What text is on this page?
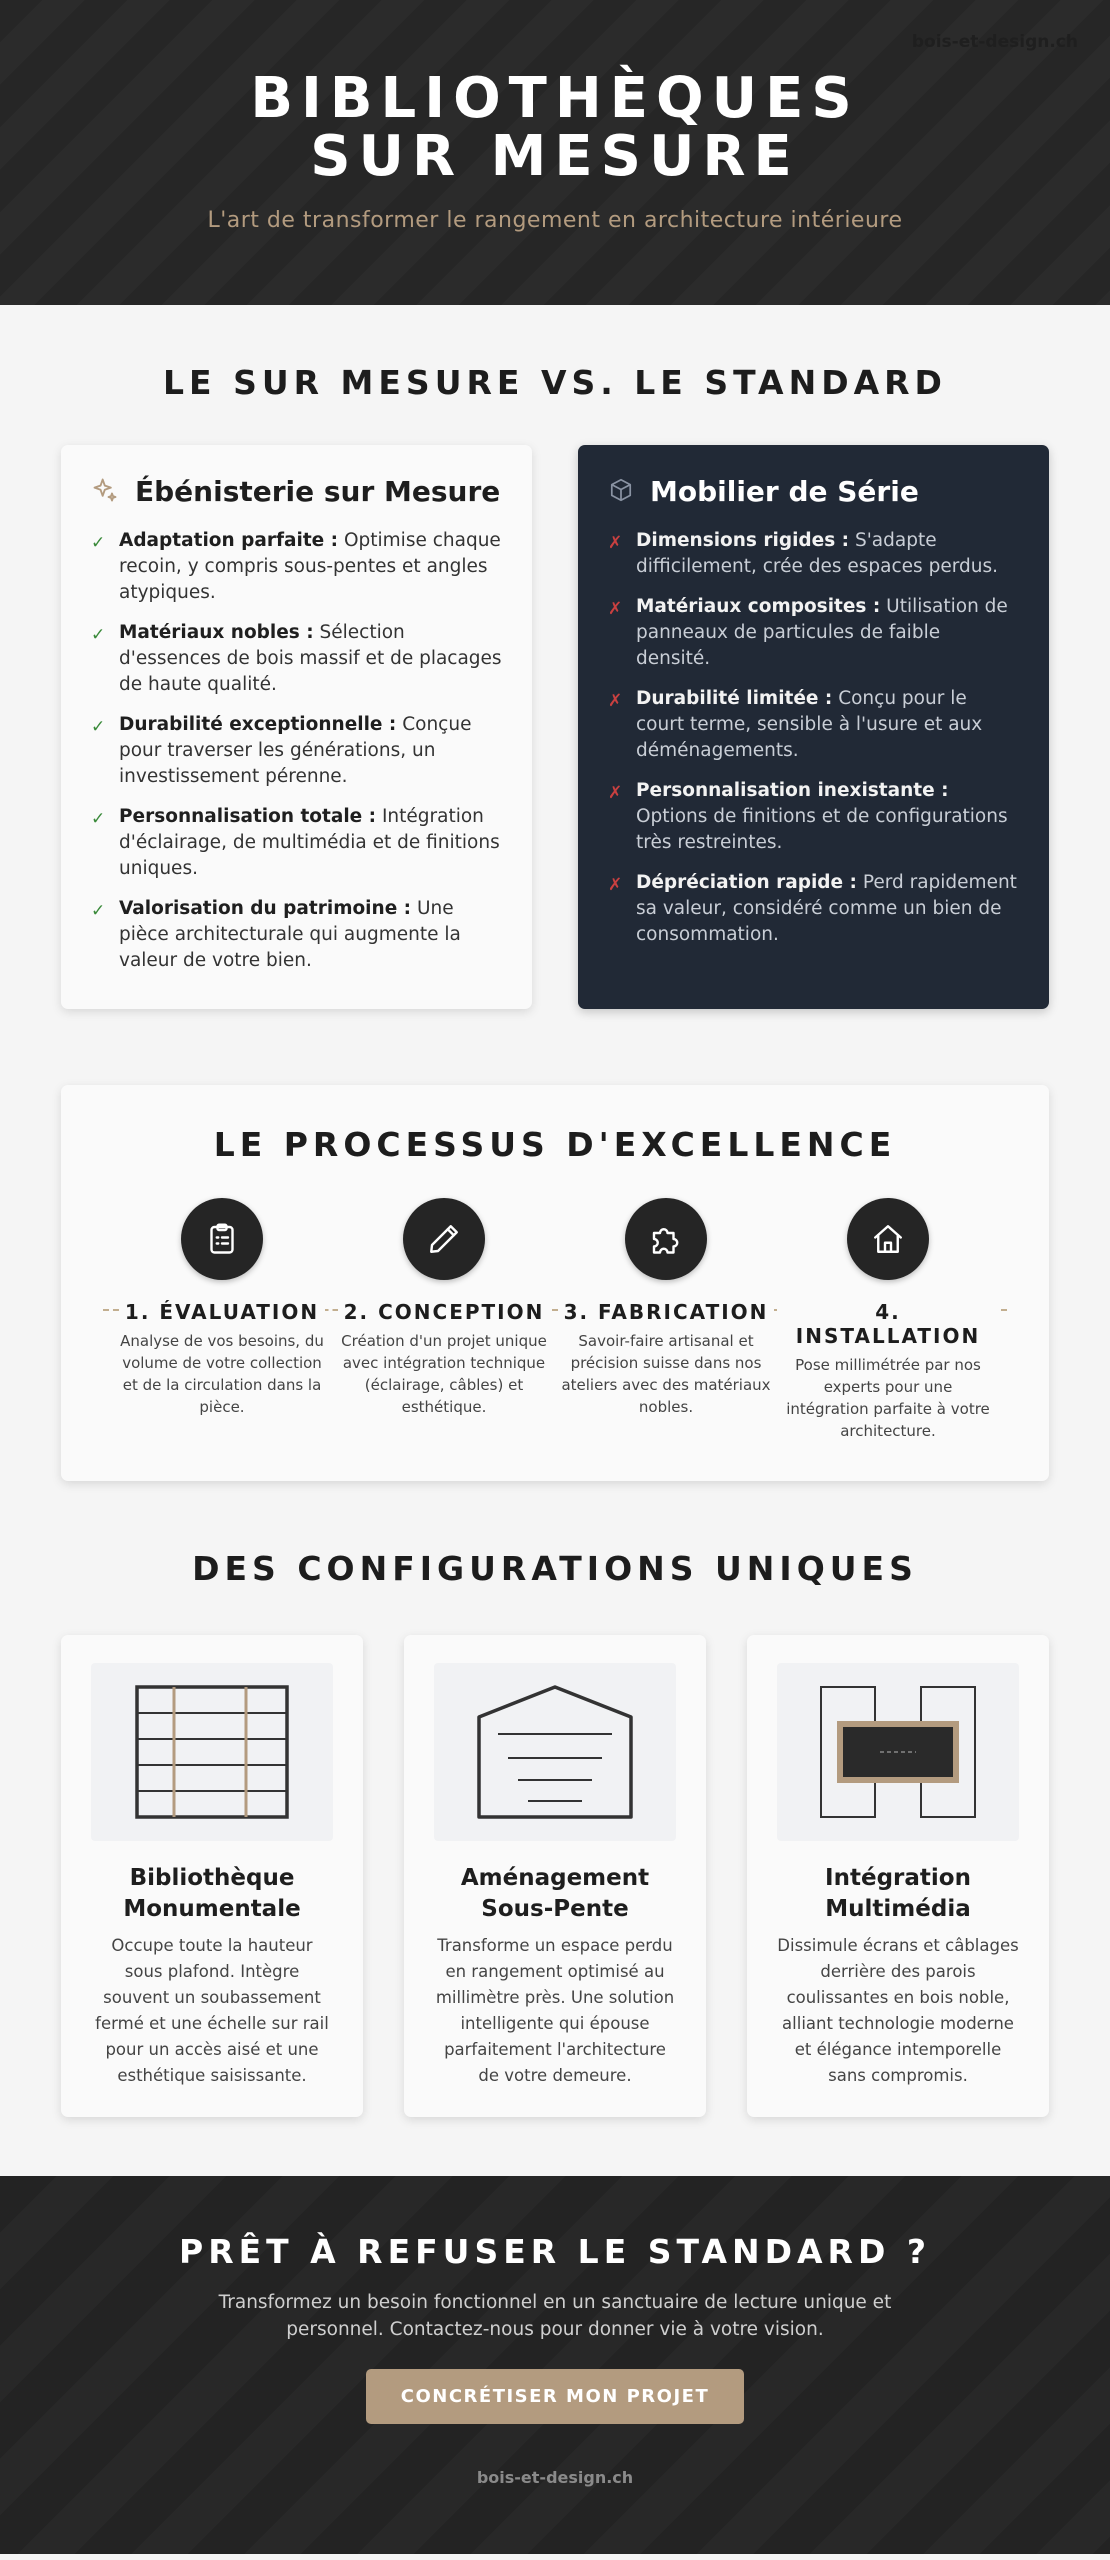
bois-et-design.ch
BIBLIOTHÈQUES SUR MESURE

L'art de transformer le rangement en architecture intérieure

LE SUR MESURE VS. LE STANDARD
Ébénisterie sur Mesure
✓ Adaptation parfaite : Optimise chaque recoin, y compris sous-pentes et angles atypiques.
✓ Matériaux nobles : Sélection d'essences de bois massif et de placages de haute qualité.
✓ Durabilité exceptionnelle : Conçue pour traverser les générations, un investissement pérenne.
✓ Personnalisation totale : Intégration d'éclairage, de multimédia et de finitions uniques.
✓ Valorisation du patrimoine : Une pièce architecturale qui augmente la valeur de votre bien.
Mobilier de Série
✗ Dimensions rigides : S'adapte difficilement, crée des espaces perdus.
✗ Matériaux composites : Utilisation de panneaux de particules de faible densité.
✗ Durabilité limitée : Conçu pour le court terme, sensible à l'usure et aux déménagements.
✗ Personnalisation inexistante : Options de finitions et de configurations très restreintes.
✗ Dépréciation rapide : Perd rapidement sa valeur, considéré comme un bien de consommation.
LE PROCESSUS D'EXCELLENCE
1. ÉVALUATION

Analyse de vos besoins, du volume de votre collection et de la circulation dans la pièce.

2. CONCEPTION

Création d'un projet unique avec intégration technique (éclairage, câbles) et esthétique.

3. FABRICATION

Savoir-faire artisanal et précision suisse dans nos ateliers avec des matériaux nobles.

4. INSTALLATION

Pose millimétrée par nos experts pour une intégration parfaite à votre architecture.

DES CONFIGURATIONS UNIQUES
Bibliothèque Monumentale

Occupe toute la hauteur sous plafond. Intègre souvent un soubassement fermé et une échelle sur rail pour un accès aisé et une esthétique saisissante.

Aménagement Sous-Pente

Transforme un espace perdu en rangement optimisé au millimètre près. Une solution intelligente qui épouse parfaitement l'architecture de votre demeure.

Intégration Multimédia

Dissimule écrans et câblages derrière des parois coulissantes en bois noble, alliant technologie moderne et élégance intemporelle sans compromis.

PRÊT À REFUSER LE STANDARD ?

Transformez un besoin fonctionnel en un sanctuaire de lecture unique et personnel. Contactez-nous pour donner vie à votre vision.

CONCRÉTISER MON PROJET
bois-et-design.ch
